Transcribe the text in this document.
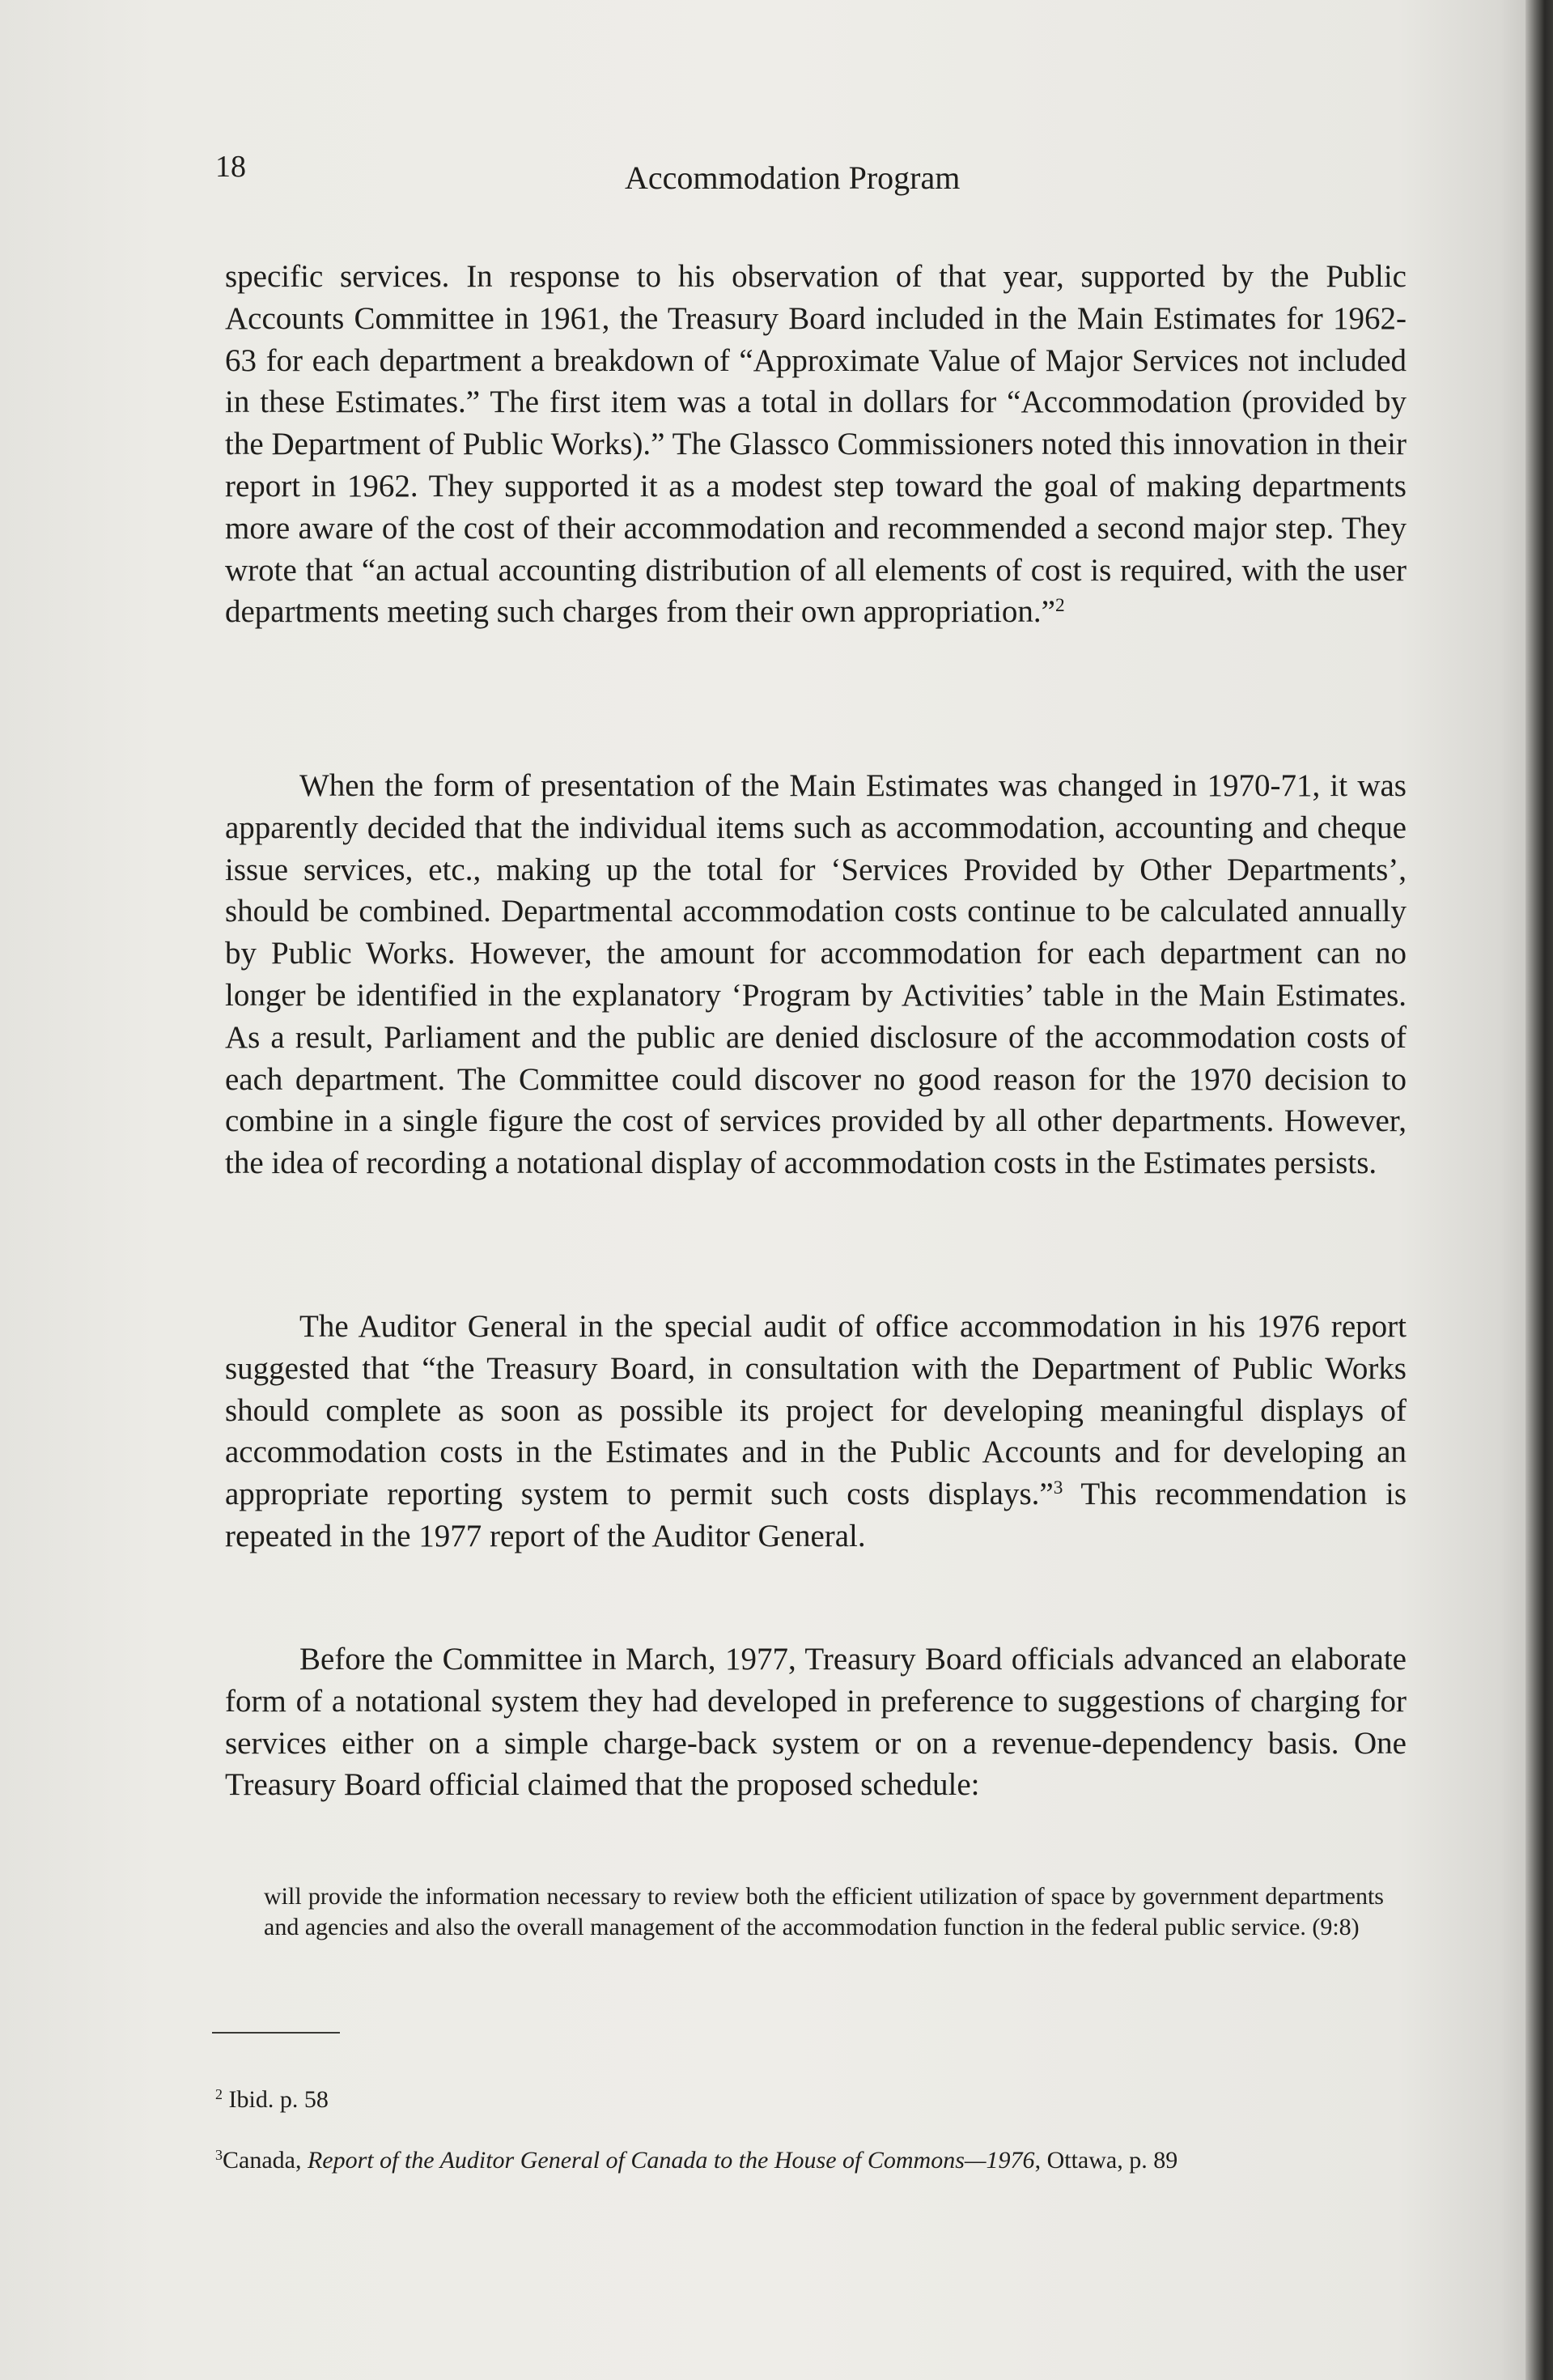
18	Accommodation Program

specific services. In response to his observation of that year, supported by the Public Accounts Committee in 1961, the Treasury Board included in the Main Estimates for 1962-63 for each department a breakdown of “Approximate Value of Major Services not included in these Estimates.” The first item was a total in dollars for “Accommodation (provided by the Department of Public Works).” The Glassco Commissioners noted this innovation in their report in 1962. They supported it as a modest step toward the goal of making departments more aware of the cost of their accommodation and recommended a second major step. They wrote that “an actual accounting distribution of all elements of cost is required, with the user departments meeting such charges from their own appropriation.”$^2$

When the form of presentation of the Main Estimates was changed in 1970-71, it was apparently decided that the individual items such as accommodation, accounting and cheque issue services, etc., making up the total for ‘Services Provided by Other Departments’, should be combined. Departmental accommodation costs continue to be calculated annually by Public Works. However, the amount for accommodation for each department can no longer be identified in the explanatory ‘Program by Activities’ table in the Main Estimates. As a result, Parliament and the public are denied disclosure of the accommodation costs of each department. The Committee could discover no good reason for the 1970 decision to combine in a single figure the cost of services provided by all other departments. However, the idea of recording a notational display of accommodation costs in the Estimates persists.

The Auditor General in the special audit of office accommodation in his 1976 report suggested that “the Treasury Board, in consultation with the Department of Public Works should complete as soon as possible its project for developing meaningful displays of accommodation costs in the Estimates and in the Public Accounts and for developing an appropriate reporting system to permit such costs displays.”$^3$ This recommendation is repeated in the 1977 report of the Auditor General.

Before the Committee in March, 1977, Treasury Board officials advanced an elaborate form of a notational system they had developed in preference to suggestions of charging for services either on a simple charge-back system or on a revenue-dependency basis. One Treasury Board official claimed that the proposed schedule:

will provide the information necessary to review both the efficient utilization of space by government departments and agencies and also the overall management of the accommodation function in the federal public service. (9:8)
$^2$ Ibid. p. 58
$^3$Canada, Report of the Auditor General of Canada to the House of Commons—1976, Ottawa, p. 89
